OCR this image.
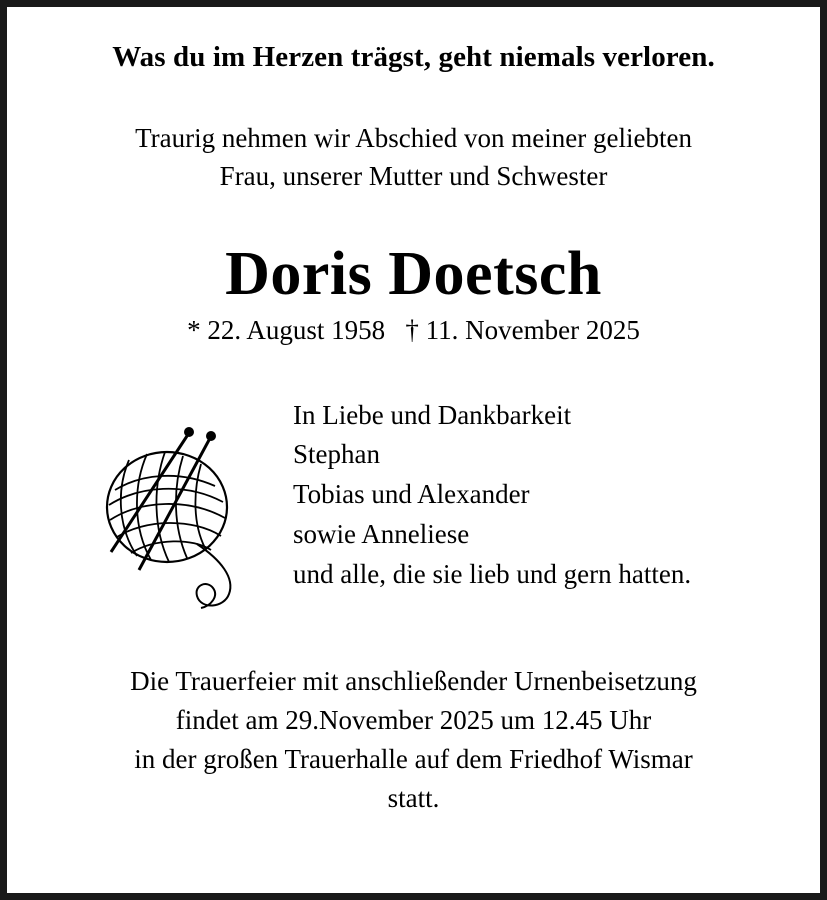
Was du im Herzen trägst, geht niemals verloren.
Traurig nehmen wir Abschied von meiner geliebten
Frau, unserer Mutter und Schwester
Doris Doetsch
* 22. August 1958   † 11. November 2025
In Liebe und Dankbarkeit
Stephan
Tobias und Alexander
sowie Anneliese
und alle, die sie lieb und gern hatten.
Die Trauerfeier mit anschließender Urnenbeisetzung
findet am 29.November 2025 um 12.45 Uhr
in der großen Trauerhalle auf dem Friedhof Wismar
statt.
